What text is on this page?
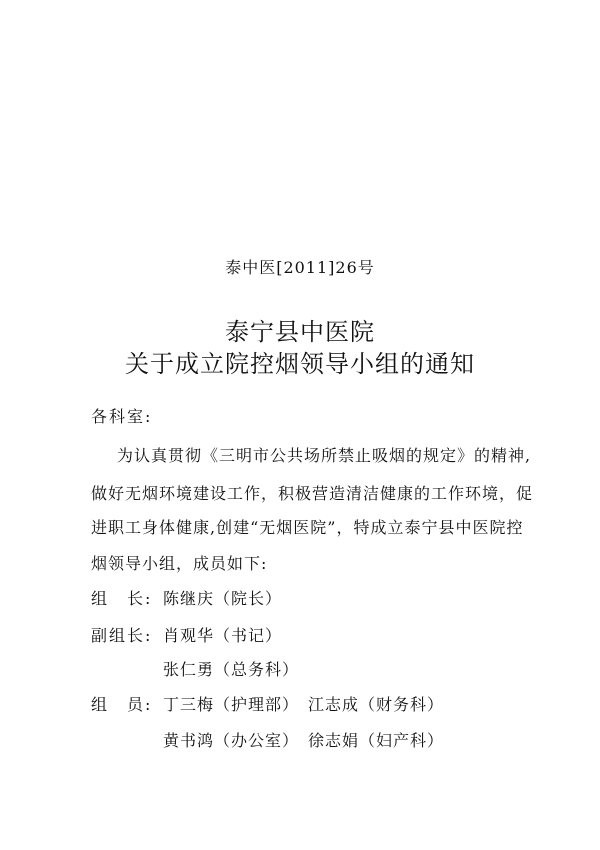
泰中医[2011]26号
泰宁县中医院
关于成立院控烟领导小组的通知
各科室:
为认真贯彻《三明市公共场所禁止吸烟的规定》的精神,
做好无烟环境建设工作，积极营造清洁健康的工作环境，促
进职工身体健康,创建“无烟医院”，特成立泰宁县中医院控
烟领导小组，成员如下:
组　长: 陈继庆（院长）
副组长: 肖观华（书记）
张仁勇（总务科）
组　员: 丁三梅（护理部） 江志成（财务科）
黄书鸿（办公室） 徐志娟（妇产科）
